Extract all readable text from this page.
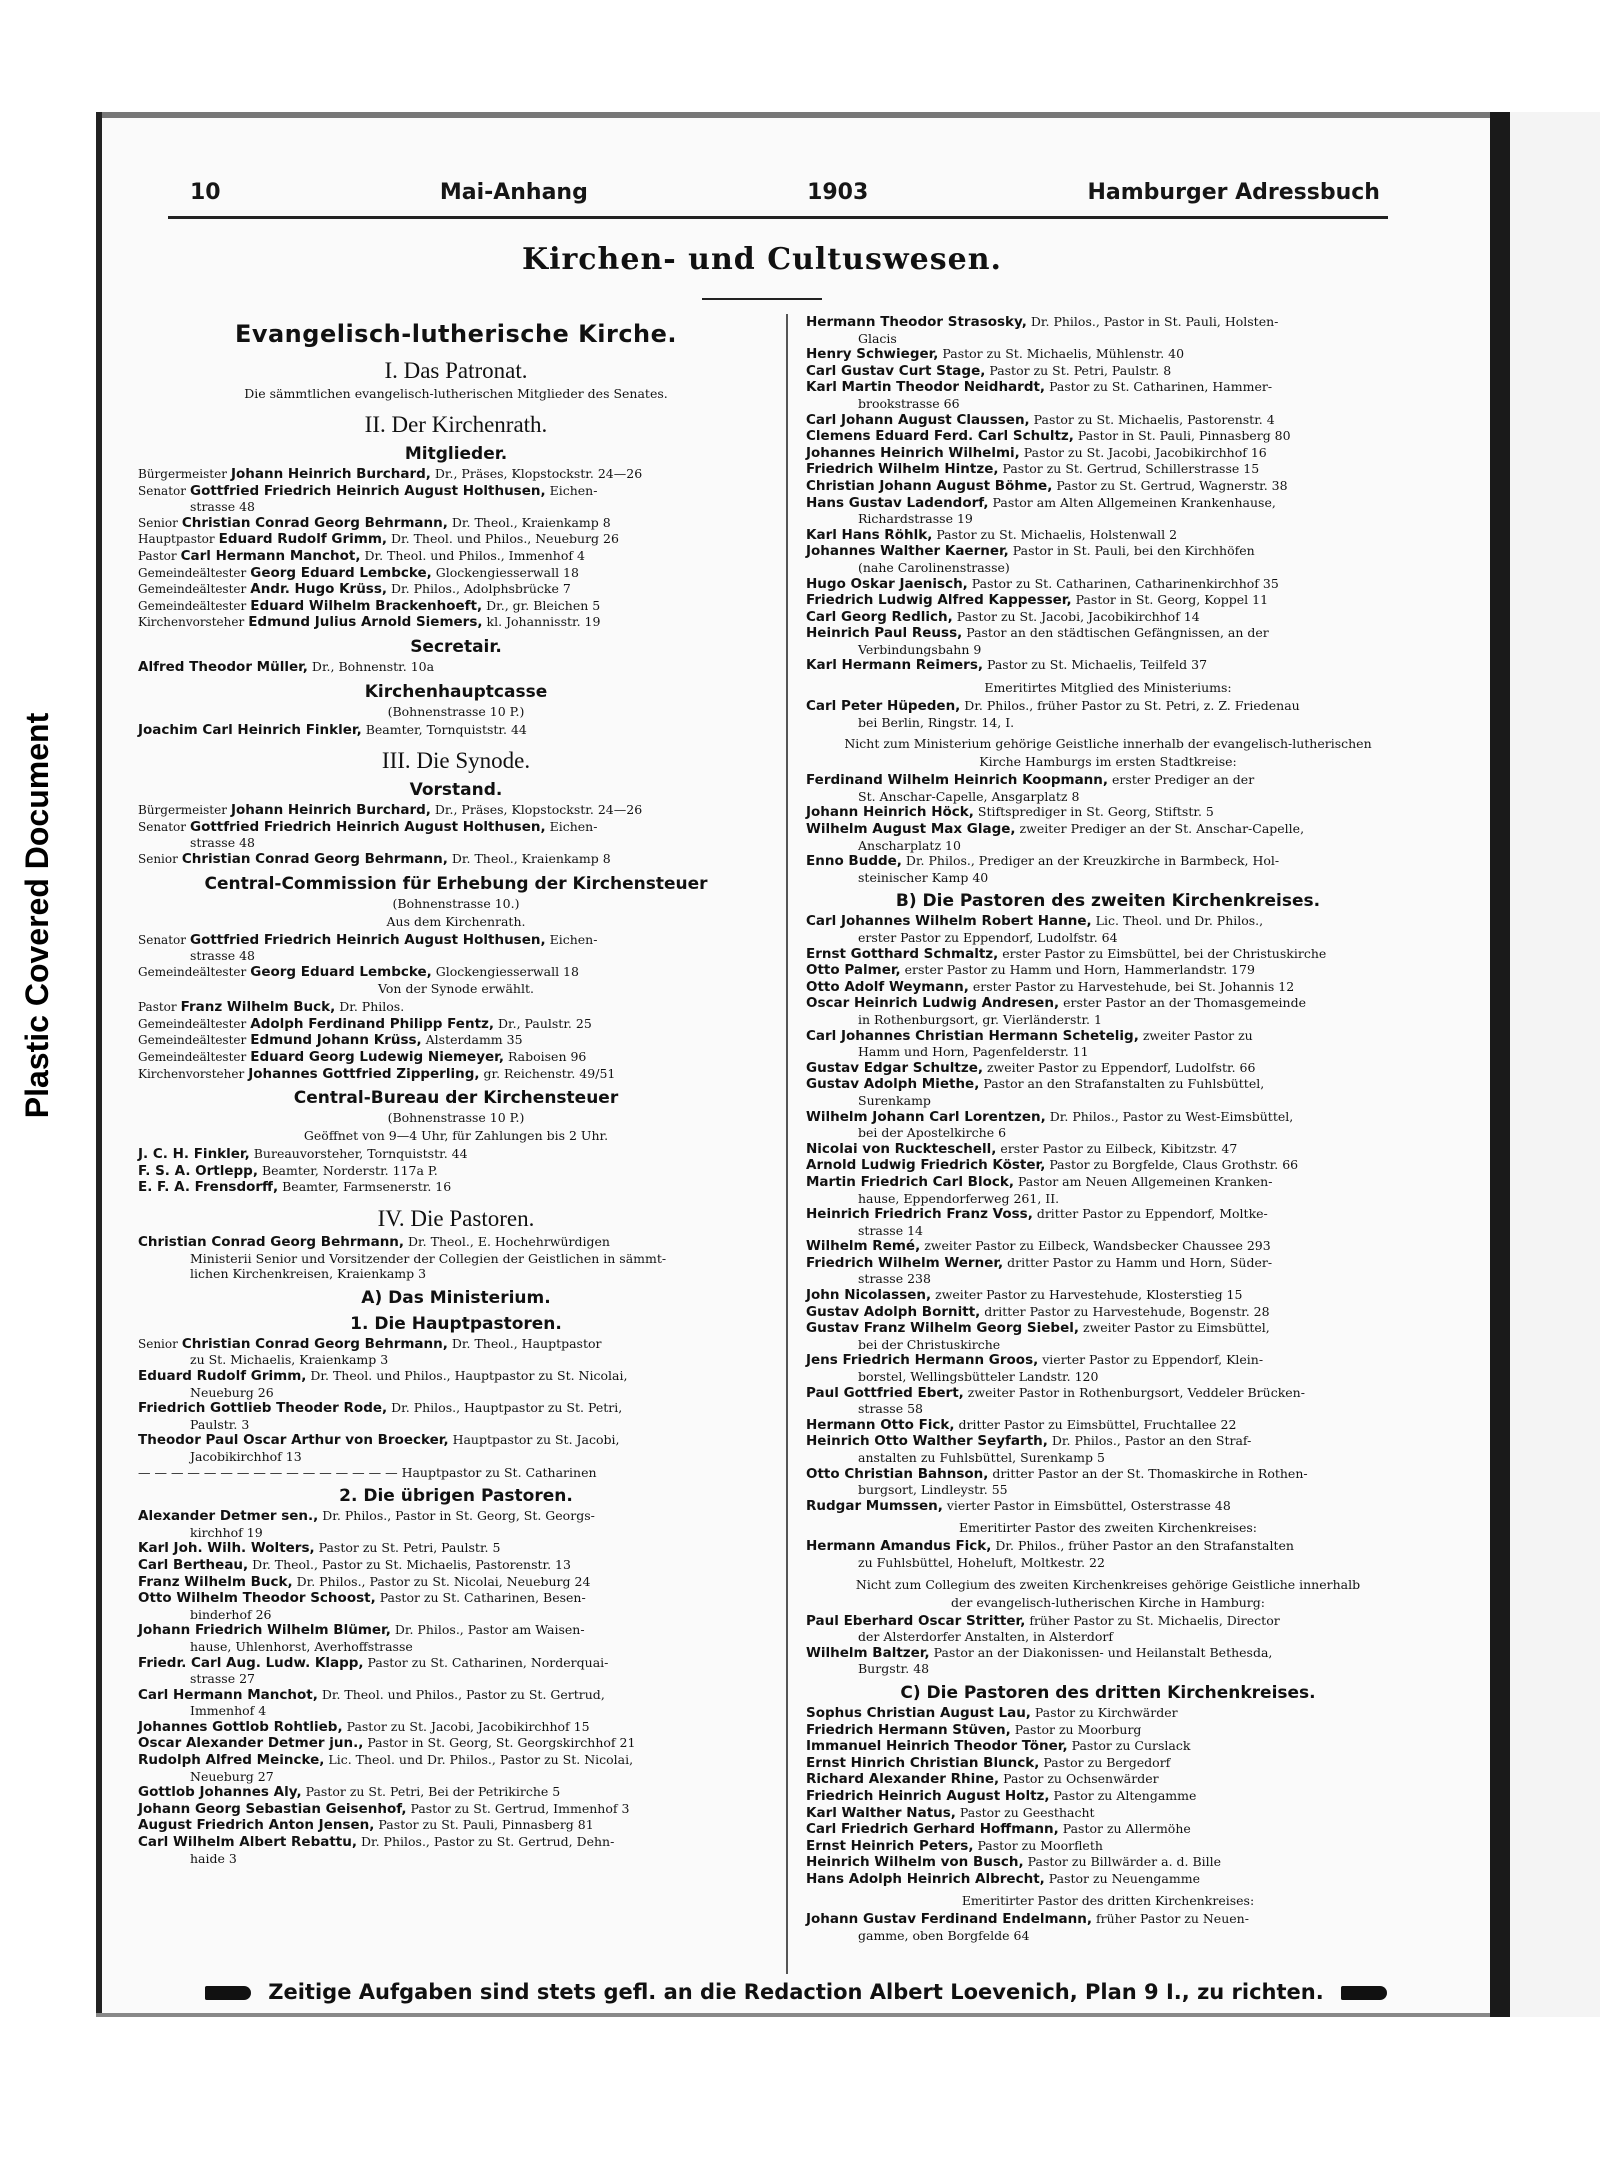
Plastic Covered Document
10	Mai-Anhang	1903	Hamburger Adressbuch
Kirchen- und Cultuswesen.
Evangelisch-lutherische Kirche.
I. Das Patronat.
Die sämmtlichen evangelisch-lutherischen Mitglieder des Senates.
II. Der Kirchenrath.
Mitglieder.
Bürgermeister Johann Heinrich Burchard, Dr., Präses, Klopstockstr. 24—26
Senator Gottfried Friedrich Heinrich August Holthusen, Eichen-
strasse 48
Senior Christian Conrad Georg Behrmann, Dr. Theol., Kraienkamp 8
Hauptpastor Eduard Rudolf Grimm, Dr. Theol. und Philos., Neueburg 26
Pastor Carl Hermann Manchot, Dr. Theol. und Philos., Immenhof 4
Gemeindeältester Georg Eduard Lembcke, Glockengiesserwall 18
Gemeindeältester Andr. Hugo Krüss, Dr. Philos., Adolphsbrücke 7
Gemeindeältester Eduard Wilhelm Brackenhoeft, Dr., gr. Bleichen 5
Kirchenvorsteher Edmund Julius Arnold Siemers, kl. Johannisstr. 19
Secretair.
Alfred Theodor Müller, Dr., Bohnenstr. 10a
Kirchenhauptcasse
(Bohnenstrasse 10 P.)
Joachim Carl Heinrich Finkler, Beamter, Tornquiststr. 44
III. Die Synode.
Vorstand.
Bürgermeister Johann Heinrich Burchard, Dr., Präses, Klopstockstr. 24—26
Senator Gottfried Friedrich Heinrich August Holthusen, Eichen-
strasse 48
Senior Christian Conrad Georg Behrmann, Dr. Theol., Kraienkamp 8
Central-Commission für Erhebung der Kirchensteuer
(Bohnenstrasse 10.)
Aus dem Kirchenrath.
Senator Gottfried Friedrich Heinrich August Holthusen, Eichen-
strasse 48
Gemeindeältester Georg Eduard Lembcke, Glockengiesserwall 18
Von der Synode erwählt.
Pastor Franz Wilhelm Buck, Dr. Philos.
Gemeindeältester Adolph Ferdinand Philipp Fentz, Dr., Paulstr. 25
Gemeindeältester Edmund Johann Krüss, Alsterdamm 35
Gemeindeältester Eduard Georg Ludewig Niemeyer, Raboisen 96
Kirchenvorsteher Johannes Gottfried Zipperling, gr. Reichenstr. 49/51
Central-Bureau der Kirchensteuer
(Bohnenstrasse 10 P.)
Geöffnet von 9—4 Uhr, für Zahlungen bis 2 Uhr.
J. C. H. Finkler, Bureauvorsteher, Tornquiststr. 44
F. S. A. Ortlepp, Beamter, Norderstr. 117a P.
E. F. A. Frensdorff, Beamter, Farmsenerstr. 16
IV. Die Pastoren.
Christian Conrad Georg Behrmann, Dr. Theol., E. Hochehrwürdigen
Ministerii Senior und Vorsitzender der Collegien der Geistlichen in sämmt-
lichen Kirchenkreisen, Kraienkamp 3
A) Das Ministerium.
1. Die Hauptpastoren.
Senior Christian Conrad Georg Behrmann, Dr. Theol., Hauptpastor
zu St. Michaelis, Kraienkamp 3
Eduard Rudolf Grimm, Dr. Theol. und Philos., Hauptpastor zu St. Nicolai,
Neueburg 26
Friedrich Gottlieb Theoder Rode, Dr. Philos., Hauptpastor zu St. Petri,
Paulstr. 3
Theodor Paul Oscar Arthur von Broecker, Hauptpastor zu St. Jacobi,
Jacobikirchhof 13
— — — — — — — — — — — — — — — — Hauptpastor zu St. Catharinen
2. Die übrigen Pastoren.
Alexander Detmer sen., Dr. Philos., Pastor in St. Georg, St. Georgs-
kirchhof 19
Karl Joh. Wilh. Wolters, Pastor zu St. Petri, Paulstr. 5
Carl Bertheau, Dr. Theol., Pastor zu St. Michaelis, Pastorenstr. 13
Franz Wilhelm Buck, Dr. Philos., Pastor zu St. Nicolai, Neueburg 24
Otto Wilhelm Theodor Schoost, Pastor zu St. Catharinen, Besen-
binderhof 26
Johann Friedrich Wilhelm Blümer, Dr. Philos., Pastor am Waisen-
hause, Uhlenhorst, Averhoffstrasse
Friedr. Carl Aug. Ludw. Klapp, Pastor zu St. Catharinen, Norderquai-
strasse 27
Carl Hermann Manchot, Dr. Theol. und Philos., Pastor zu St. Gertrud,
Immenhof 4
Johannes Gottlob Rohtlieb, Pastor zu St. Jacobi, Jacobikirchhof 15
Oscar Alexander Detmer jun., Pastor in St. Georg, St. Georgskirchhof 21
Rudolph Alfred Meincke, Lic. Theol. und Dr. Philos., Pastor zu St. Nicolai,
Neueburg 27
Gottlob Johannes Aly, Pastor zu St. Petri, Bei der Petrikirche 5
Johann Georg Sebastian Geisenhof, Pastor zu St. Gertrud, Immenhof 3
August Friedrich Anton Jensen, Pastor zu St. Pauli, Pinnasberg 81
Carl Wilhelm Albert Rebattu, Dr. Philos., Pastor zu St. Gertrud, Dehn-
haide 3
Hermann Theodor Strasosky, Dr. Philos., Pastor in St. Pauli, Holsten-
Glacis
Henry Schwieger, Pastor zu St. Michaelis, Mühlenstr. 40
Carl Gustav Curt Stage, Pastor zu St. Petri, Paulstr. 8
Karl Martin Theodor Neidhardt, Pastor zu St. Catharinen, Hammer-
brookstrasse 66
Carl Johann August Claussen, Pastor zu St. Michaelis, Pastorenstr. 4
Clemens Eduard Ferd. Carl Schultz, Pastor in St. Pauli, Pinnasberg 80
Johannes Heinrich Wilhelmi, Pastor zu St. Jacobi, Jacobikirchhof 16
Friedrich Wilhelm Hintze, Pastor zu St. Gertrud, Schillerstrasse 15
Christian Johann August Böhme, Pastor zu St. Gertrud, Wagnerstr. 38
Hans Gustav Ladendorf, Pastor am Alten Allgemeinen Krankenhause,
Richardstrasse 19
Karl Hans Röhlk, Pastor zu St. Michaelis, Holstenwall 2
Johannes Walther Kaerner, Pastor in St. Pauli, bei den Kirchhöfen
(nahe Carolinenstrasse)
Hugo Oskar Jaenisch, Pastor zu St. Catharinen, Catharinenkirchhof 35
Friedrich Ludwig Alfred Kappesser, Pastor in St. Georg, Koppel 11
Carl Georg Redlich, Pastor zu St. Jacobi, Jacobikirchhof 14
Heinrich Paul Reuss, Pastor an den städtischen Gefängnissen, an der
Verbindungsbahn 9
Karl Hermann Reimers, Pastor zu St. Michaelis, Teilfeld 37
Emeritirtes Mitglied des Ministeriums:
Carl Peter Hüpeden, Dr. Philos., früher Pastor zu St. Petri, z. Z. Friedenau
bei Berlin, Ringstr. 14, I.
Nicht zum Ministerium gehörige Geistliche innerhalb der evangelisch-lutherischen
Kirche Hamburgs im ersten Stadtkreise:
Ferdinand Wilhelm Heinrich Koopmann, erster Prediger an der
St. Anschar-Capelle, Ansgarplatz 8
Johann Heinrich Höck, Stiftsprediger in St. Georg, Stiftstr. 5
Wilhelm August Max Glage, zweiter Prediger an der St. Anschar-Capelle,
Anscharplatz 10
Enno Budde, Dr. Philos., Prediger an der Kreuzkirche in Barmbeck, Hol-
steinischer Kamp 40
B) Die Pastoren des zweiten Kirchenkreises.
Carl Johannes Wilhelm Robert Hanne, Lic. Theol. und Dr. Philos.,
erster Pastor zu Eppendorf, Ludolfstr. 64
Ernst Gotthard Schmaltz, erster Pastor zu Eimsbüttel, bei der Christuskirche
Otto Palmer, erster Pastor zu Hamm und Horn, Hammerlandstr. 179
Otto Adolf Weymann, erster Pastor zu Harvestehude, bei St. Johannis 12
Oscar Heinrich Ludwig Andresen, erster Pastor an der Thomasgemeinde
in Rothenburgsort, gr. Vierländerstr. 1
Carl Johannes Christian Hermann Schetelig, zweiter Pastor zu
Hamm und Horn, Pagenfelderstr. 11
Gustav Edgar Schultze, zweiter Pastor zu Eppendorf, Ludolfstr. 66
Gustav Adolph Miethe, Pastor an den Strafanstalten zu Fuhlsbüttel,
Surenkamp
Wilhelm Johann Carl Lorentzen, Dr. Philos., Pastor zu West-Eimsbüttel,
bei der Apostelkirche 6
Nicolai von Ruckteschell, erster Pastor zu Eilbeck, Kibitzstr. 47
Arnold Ludwig Friedrich Köster, Pastor zu Borgfelde, Claus Grothstr. 66
Martin Friedrich Carl Block, Pastor am Neuen Allgemeinen Kranken-
hause, Eppendorferweg 261, II.
Heinrich Friedrich Franz Voss, dritter Pastor zu Eppendorf, Moltke-
strasse 14
Wilhelm Remé, zweiter Pastor zu Eilbeck, Wandsbecker Chaussee 293
Friedrich Wilhelm Werner, dritter Pastor zu Hamm und Horn, Süder-
strasse 238
John Nicolassen, zweiter Pastor zu Harvestehude, Klosterstieg 15
Gustav Adolph Bornitt, dritter Pastor zu Harvestehude, Bogenstr. 28
Gustav Franz Wilhelm Georg Siebel, zweiter Pastor zu Eimsbüttel,
bei der Christuskirche
Jens Friedrich Hermann Groos, vierter Pastor zu Eppendorf, Klein-
borstel, Wellingsbütteler Landstr. 120
Paul Gottfried Ebert, zweiter Pastor in Rothenburgsort, Veddeler Brücken-
strasse 58
Hermann Otto Fick, dritter Pastor zu Eimsbüttel, Fruchtallee 22
Heinrich Otto Walther Seyfarth, Dr. Philos., Pastor an den Straf-
anstalten zu Fuhlsbüttel, Surenkamp 5
Otto Christian Bahnson, dritter Pastor an der St. Thomaskirche in Rothen-
burgsort, Lindleystr. 55
Rudgar Mumssen, vierter Pastor in Eimsbüttel, Osterstrasse 48
Emeritirter Pastor des zweiten Kirchenkreises:
Hermann Amandus Fick, Dr. Philos., früher Pastor an den Strafanstalten
zu Fuhlsbüttel, Hoheluft, Moltkestr. 22
Nicht zum Collegium des zweiten Kirchenkreises gehörige Geistliche innerhalb
der evangelisch-lutherischen Kirche in Hamburg:
Paul Eberhard Oscar Stritter, früher Pastor zu St. Michaelis, Director
der Alsterdorfer Anstalten, in Alsterdorf
Wilhelm Baltzer, Pastor an der Diakonissen- und Heilanstalt Bethesda,
Burgstr. 48
C) Die Pastoren des dritten Kirchenkreises.
Sophus Christian August Lau, Pastor zu Kirchwärder
Friedrich Hermann Stüven, Pastor zu Moorburg
Immanuel Heinrich Theodor Töner, Pastor zu Curslack
Ernst Hinrich Christian Blunck, Pastor zu Bergedorf
Richard Alexander Rhine, Pastor zu Ochsenwärder
Friedrich Heinrich August Holtz, Pastor zu Altengamme
Karl Walther Natus, Pastor zu Geesthacht
Carl Friedrich Gerhard Hoffmann, Pastor zu Allermöhe
Ernst Heinrich Peters, Pastor zu Moorfleth
Heinrich Wilhelm von Busch, Pastor zu Billwärder a. d. Bille
Hans Adolph Heinrich Albrecht, Pastor zu Neuengamme
Emeritirter Pastor des dritten Kirchenkreises:
Johann Gustav Ferdinand Endelmann, früher Pastor zu Neuen-
gamme, oben Borgfelde 64
Zeitige Aufgaben sind stets gefl. an die Redaction Albert Loevenich, Plan 9 I., zu richten.
